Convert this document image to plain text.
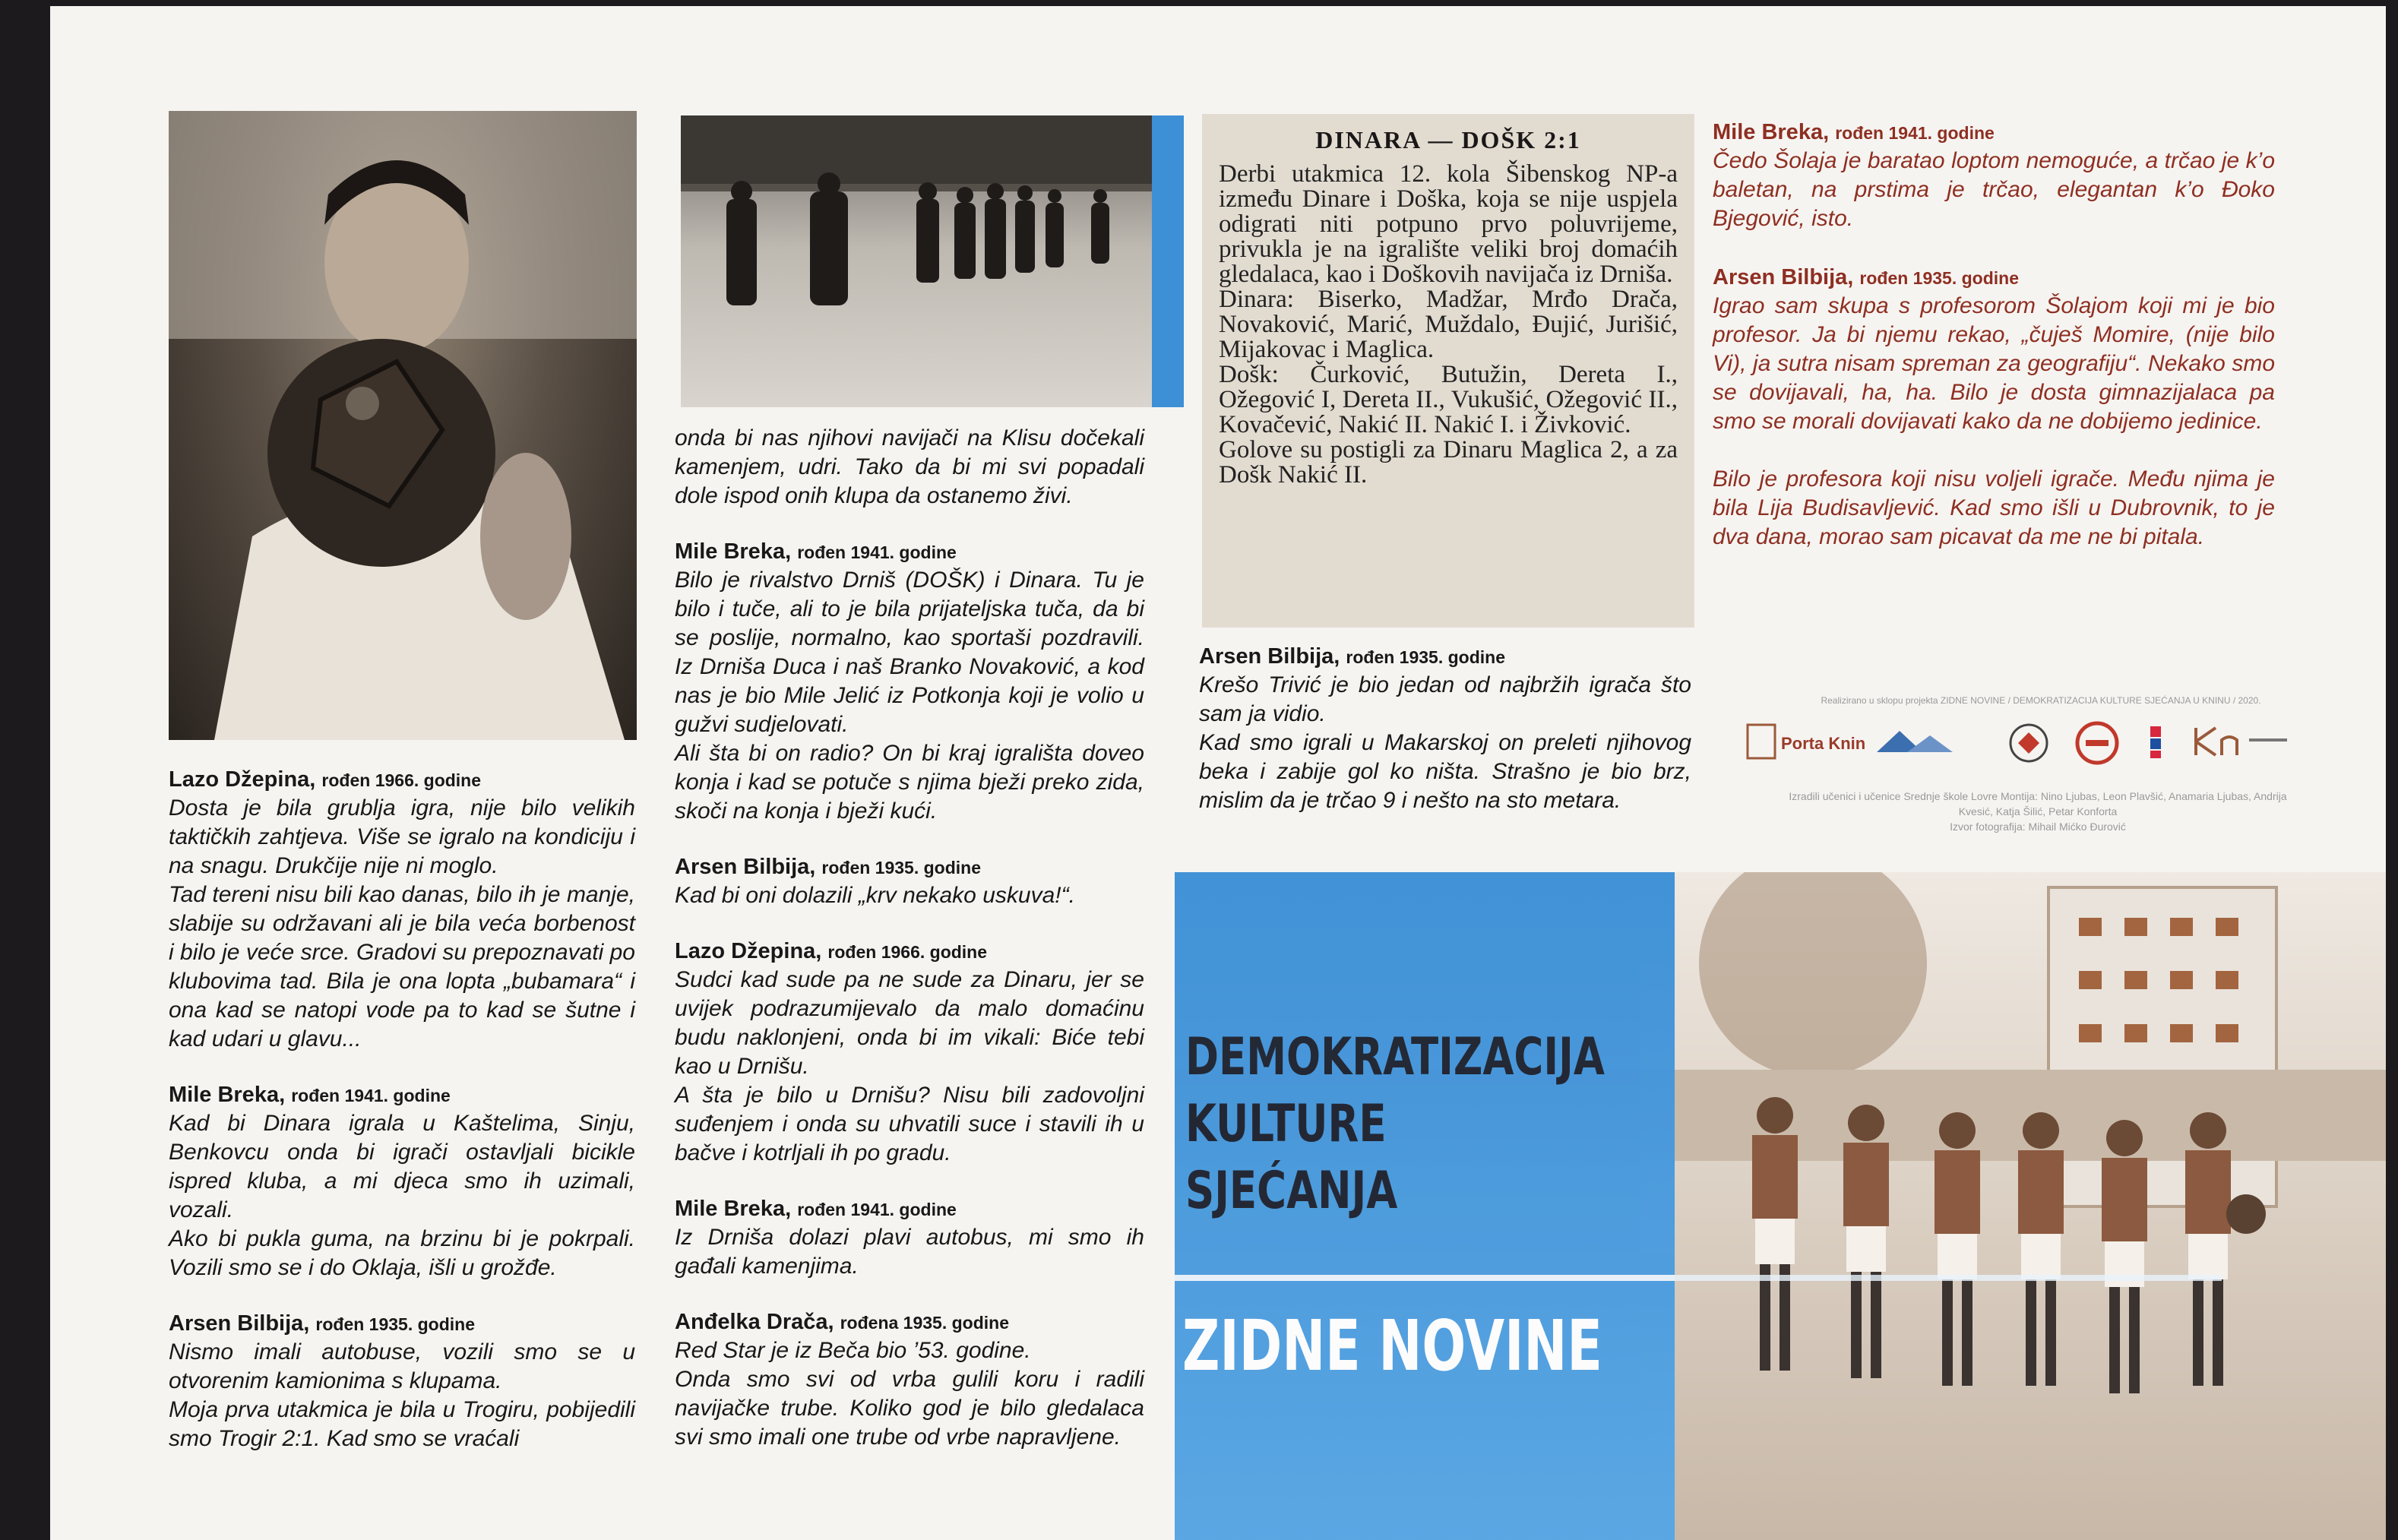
DINARA — DOŠK 2:1
Derbi utakmica 12. kola Šibenskog NP-a između Dinare i Doška, koja se nije uspjela odigrati niti potpuno prvo poluvrijeme, privukla je na igralište veliki broj domaćih gledalaca, kao i Doškovih navijača iz Drniša.
Dinara: Biserko, Madžar, Mrđo Drača, Novaković, Marić, Muždalo, Đujić, Jurišić, Mijakovac i Maglica.
Došk: Čurković, Butužin, Dereta I., Ožegović I, Dereta II., Vukušić, Ožegović II., Kovačević, Nakić II. Nakić I. i Živković.
Golove su postigli za Dinaru Maglica 2, a za Došk Nakić II.
Lazo Džepina, rođen 1966. godine
Dosta je bila grublja igra, nije bilo velikih taktičkih zahtjeva. Više se igralo na kondiciju i na snagu. Drukčije nije ni moglo.
Tad tereni nisu bili kao danas, bilo ih je manje, slabije su održavani ali je bila veća borbenost i bilo je veće srce. Gradovi su prepoznavati po klubovima tad. Bila je ona lopta „bubamara“ i ona kad se natopi vode pa to kad se šutne i kad udari u glavu...
Mile Breka, rođen 1941. godine
Kad bi Dinara igrala u Kaštelima, Sinju, Benkovcu onda bi igrači ostavljali bicikle ispred kluba, a mi djeca smo ih uzimali, vozali.
Ako bi pukla guma, na brzinu bi je pokrpali. Vozili smo se i do Oklaja, išli u grožđe.
Arsen Bilbija, rođen 1935. godine
Nismo imali autobuse, vozili smo se u otvorenim kamionima s klupama.
Moja prva utakmica je bila u Trogiru, pobijedili smo Trogir 2:1. Kad smo se vraćali
onda bi nas njihovi navijači na Klisu dočekali kamenjem, udri. Tako da bi mi svi popadali dole ispod onih klupa da ostanemo živi.
Mile Breka, rođen 1941. godine
Bilo je rivalstvo Drniš (DOŠK) i Dinara. Tu je bilo i tuče, ali to je bila prijateljska tuča, da bi se poslije, normalno, kao sportaši pozdravili. Iz Drniša Duca i naš Branko Novaković, a kod nas je bio Mile Jelić iz Potkonja koji je volio u gužvi sudjelovati.
Ali šta bi on radio? On bi kraj igrališta doveo konja i kad se potuče s njima bježi preko zida, skoči na konja i bježi kući.
Arsen Bilbija, rođen 1935. godine
Kad bi oni dolazili „krv nekako uskuva!“.
Lazo Džepina, rođen 1966. godine
Sudci kad sude pa ne sude za Dinaru, jer se uvijek podrazumijevalo da malo domaćinu budu naklonjeni, onda bi im vikali: Biće tebi kao u Drnišu.
A šta je bilo u Drnišu? Nisu bili zadovoljni suđenjem i onda su uhvatili suce i stavili ih u bačve i kotrljali ih po gradu.
Mile Breka, rođen 1941. godine
Iz Drniša dolazi plavi autobus, mi smo ih gađali kamenjima.
Anđelka Drača, rođena 1935. godine
Red Star je iz Beča bio ’53. godine.
Onda smo svi od vrba gulili koru i radili navijačke trube. Koliko god je bilo gledalaca svi smo imali one trube od vrbe napravljene.
Arsen Bilbija, rođen 1935. godine
Krešo Trivić je bio jedan od najbržih igrača što sam ja vidio.
Kad smo igrali u Makarskoj on preleti njihovog beka i zabije gol ko ništa. Strašno je bio brz, mislim da je trčao 9 i nešto na sto metara.
Mile Breka, rođen 1941. godine
Čedo Šolaja je baratao loptom nemoguće, a trčao je k’o baletan, na prstima je trčao, elegantan k’o Đoko Bjegović, isto.
Arsen Bilbija, rođen 1935. godine
Igrao sam skupa s profesorom Šolajom koji mi je bio profesor. Ja bi njemu rekao, „čuješ Momire, (nije bilo Vi), ja sutra nisam spreman za geografiju“. Nekako smo se dovijavali, ha, ha. Bilo je dosta gimnazijalaca pa smo se morali dovijavati kako da ne dobijemo jedinice.

Bilo je profesora koji nisu voljeli igrače. Među njima je bila Lija Budisavljević. Kad smo išli u Dubrovnik, to je dva dana, morao sam picavat da me ne bi pitala.
Realizirano u sklopu projekta ZIDNE NOVINE / DEMOKRATIZACIJA KULTURE SJEĆANJA U KNINU / 2020.
Porta Knin
Izradili učenici i učenice Srednje škole Lovre Montija: Nino Ljubas, Leon Plavšić, Anamaria Ljubas, Andrija Kvesić, Katja Šilić, Petar Konforta
Izvor fotografija: Mihail Mićko Đurović
DEMOKRATIZACIJA
KULTURE
SJEĆANJA
ZIDNE NOVINE
